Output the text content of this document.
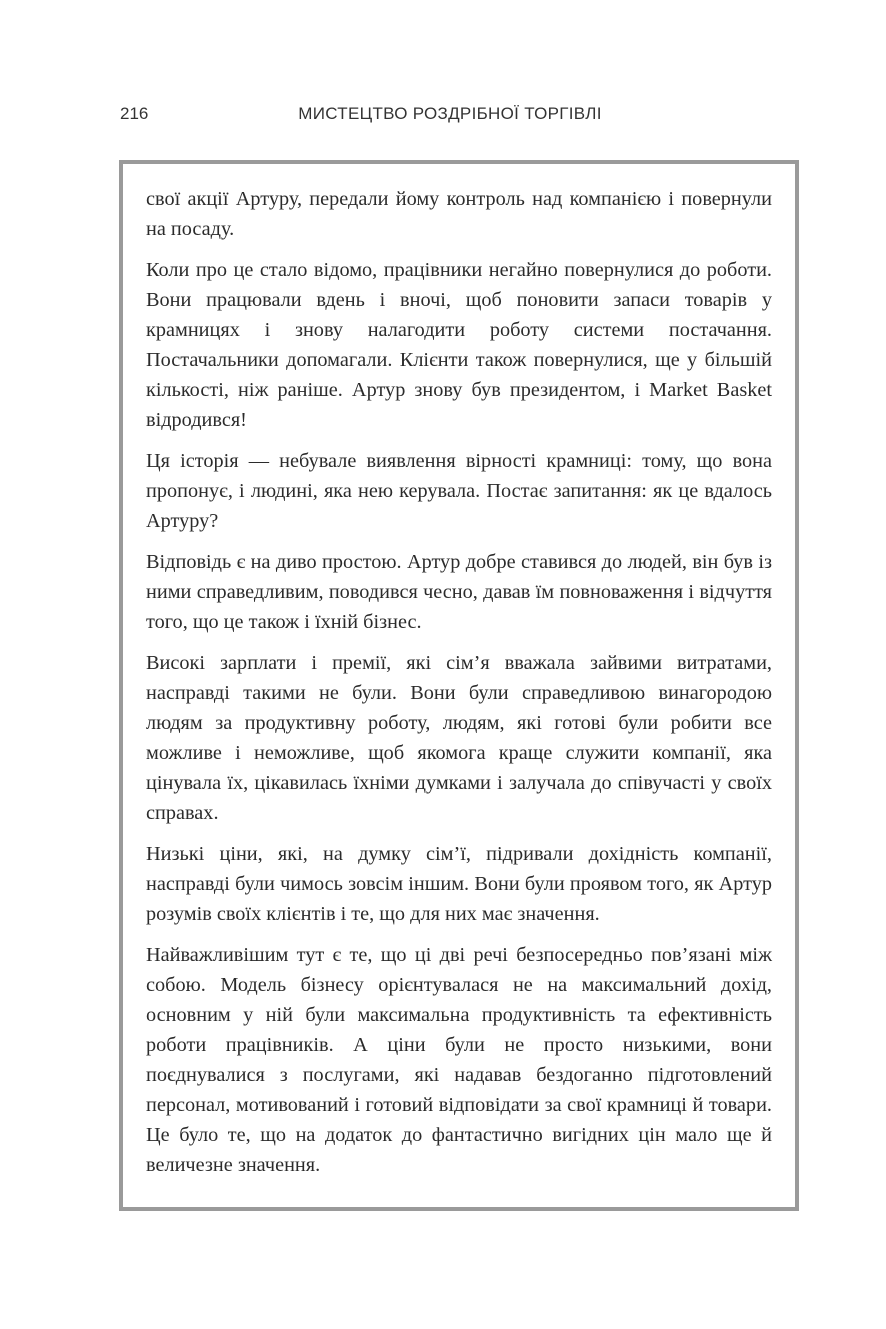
216	МИСТЕЦТВО РОЗДРІБНОЇ ТОРГІВЛІ

свої акції Артуру, передали йому контроль над компанією і повернули на посаду.

Коли про це стало відомо, працівники негайно повернулися до роботи. Вони працювали вдень і вночі, щоб поновити запаси товарів у крамницях і знову налагодити роботу системи постачання. Постачальники допомагали. Клієнти також повернулися, ще у більшій кількості, ніж раніше. Артур знову був президентом, і Market Basket відродився!

Ця історія — небувале виявлення вірності крамниці: тому, що вона пропонує, і людині, яка нею керувала. Постає запитання: як це вдалось Артуру?

Відповідь є на диво простою. Артур добре ставився до людей, він був із ними справедливим, поводився чесно, давав їм повноваження і відчуття того, що це також і їхній бізнес.

Високі зарплати і премії, які сім’я вважала зайвими витратами, насправді такими не були. Вони були справедливою винагородою людям за продуктивну роботу, людям, які готові були робити все можливе і неможливе, щоб якомога краще служити компанії, яка цінувала їх, цікавилась їхніми думками і залучала до співучасті у своїх справах.

Низькі ціни, які, на думку сім’ї, підривали дохідність компанії, насправді були чимось зовсім іншим. Вони були проявом того, як Артур розумів своїх клієнтів і те, що для них має значення.

Найважливішим тут є те, що ці дві речі безпосередньо пов’язані між собою. Модель бізнесу орієнтувалася не на максимальний дохід, основним у ній були максимальна продуктивність та ефективність роботи працівників. А ціни були не просто низькими, вони поєднувалися з послугами, які надавав бездоганно підготовлений персонал, мотивований і готовий відповідати за свої крамниці й товари. Це було те, що на додаток до фантастично вигідних цін мало ще й величезне значення.
